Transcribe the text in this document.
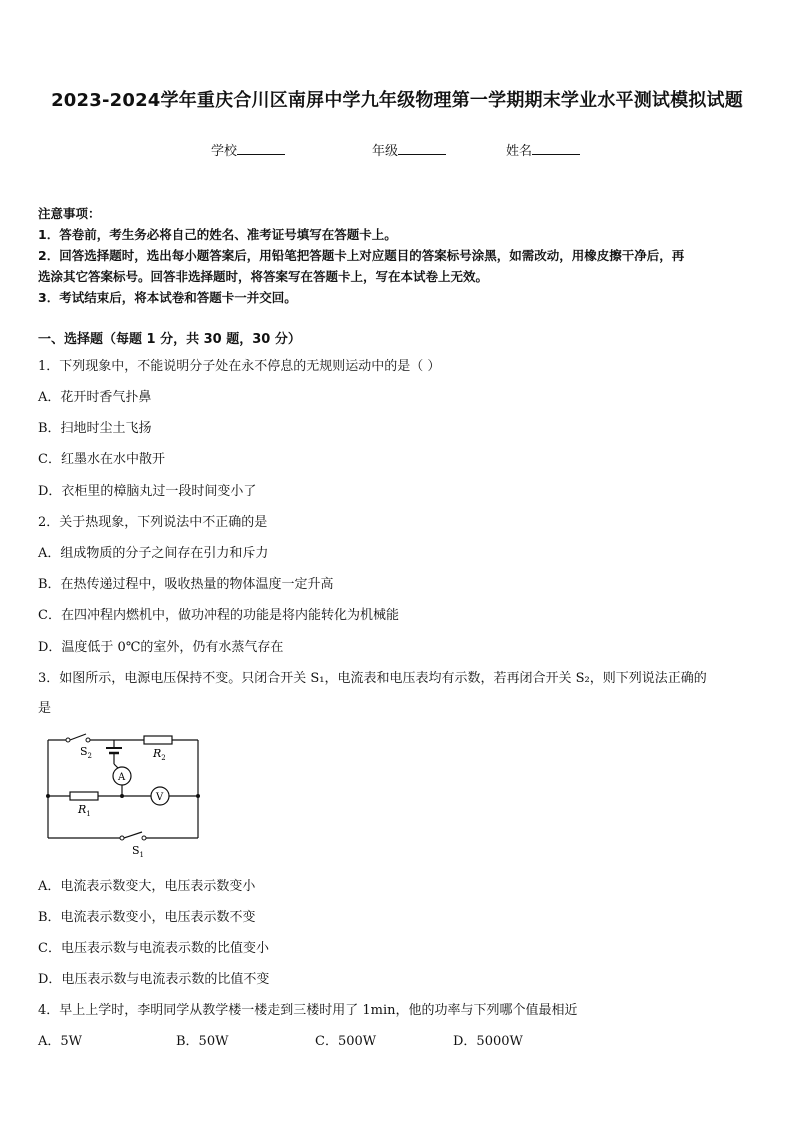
2023-2024学年重庆合川区南屏中学九年级物理第一学期期末学业水平测试模拟试题
学校	年级	姓名
注意事项：
1．答卷前，考生务必将自己的姓名、准考证号填写在答题卡上。
2．回答选择题时，选出每小题答案后，用铅笔把答题卡上对应题目的答案标号涂黑，如需改动，用橡皮擦干净后，再
选涂其它答案标号。回答非选择题时，将答案写在答题卡上，写在本试卷上无效。
3．考试结束后，将本试卷和答题卡一并交回。
一、选择题（每题 1 分，共 30 题，30 分）
1．下列现象中，不能说明分子处在永不停息的无规则运动中的是（ ）
A．花开时香气扑鼻
B．扫地时尘土飞扬
C．红墨水在水中散开
D．衣柜里的樟脑丸过一段时间变小了
2．关于热现象，下列说法中不正确的是
A．组成物质的分子之间存在引力和斥力
B．在热传递过程中，吸收热量的物体温度一定升高
C．在四冲程内燃机中，做功冲程的功能是将内能转化为机械能
D．温度低于 0℃的室外，仍有水蒸气存在
3．如图所示，电源电压保持不变。只闭合开关 S₁，电流表和电压表均有示数，若再闭合开关 S₂，则下列说法正确的
是
$S_2$	$R_2$
A
V
$R_1$
$S_1$
A．电流表示数变大，电压表示数变小
B．电流表示数变小，电压表示数不变
C．电压表示数与电流表示数的比值变小
D．电压表示数与电流表示数的比值不变
4．早上上学时，李明同学从教学楼一楼走到三楼时用了 1min，他的功率与下列哪个值最相近
A．5W	B．50W	C．500W	D．5000W
